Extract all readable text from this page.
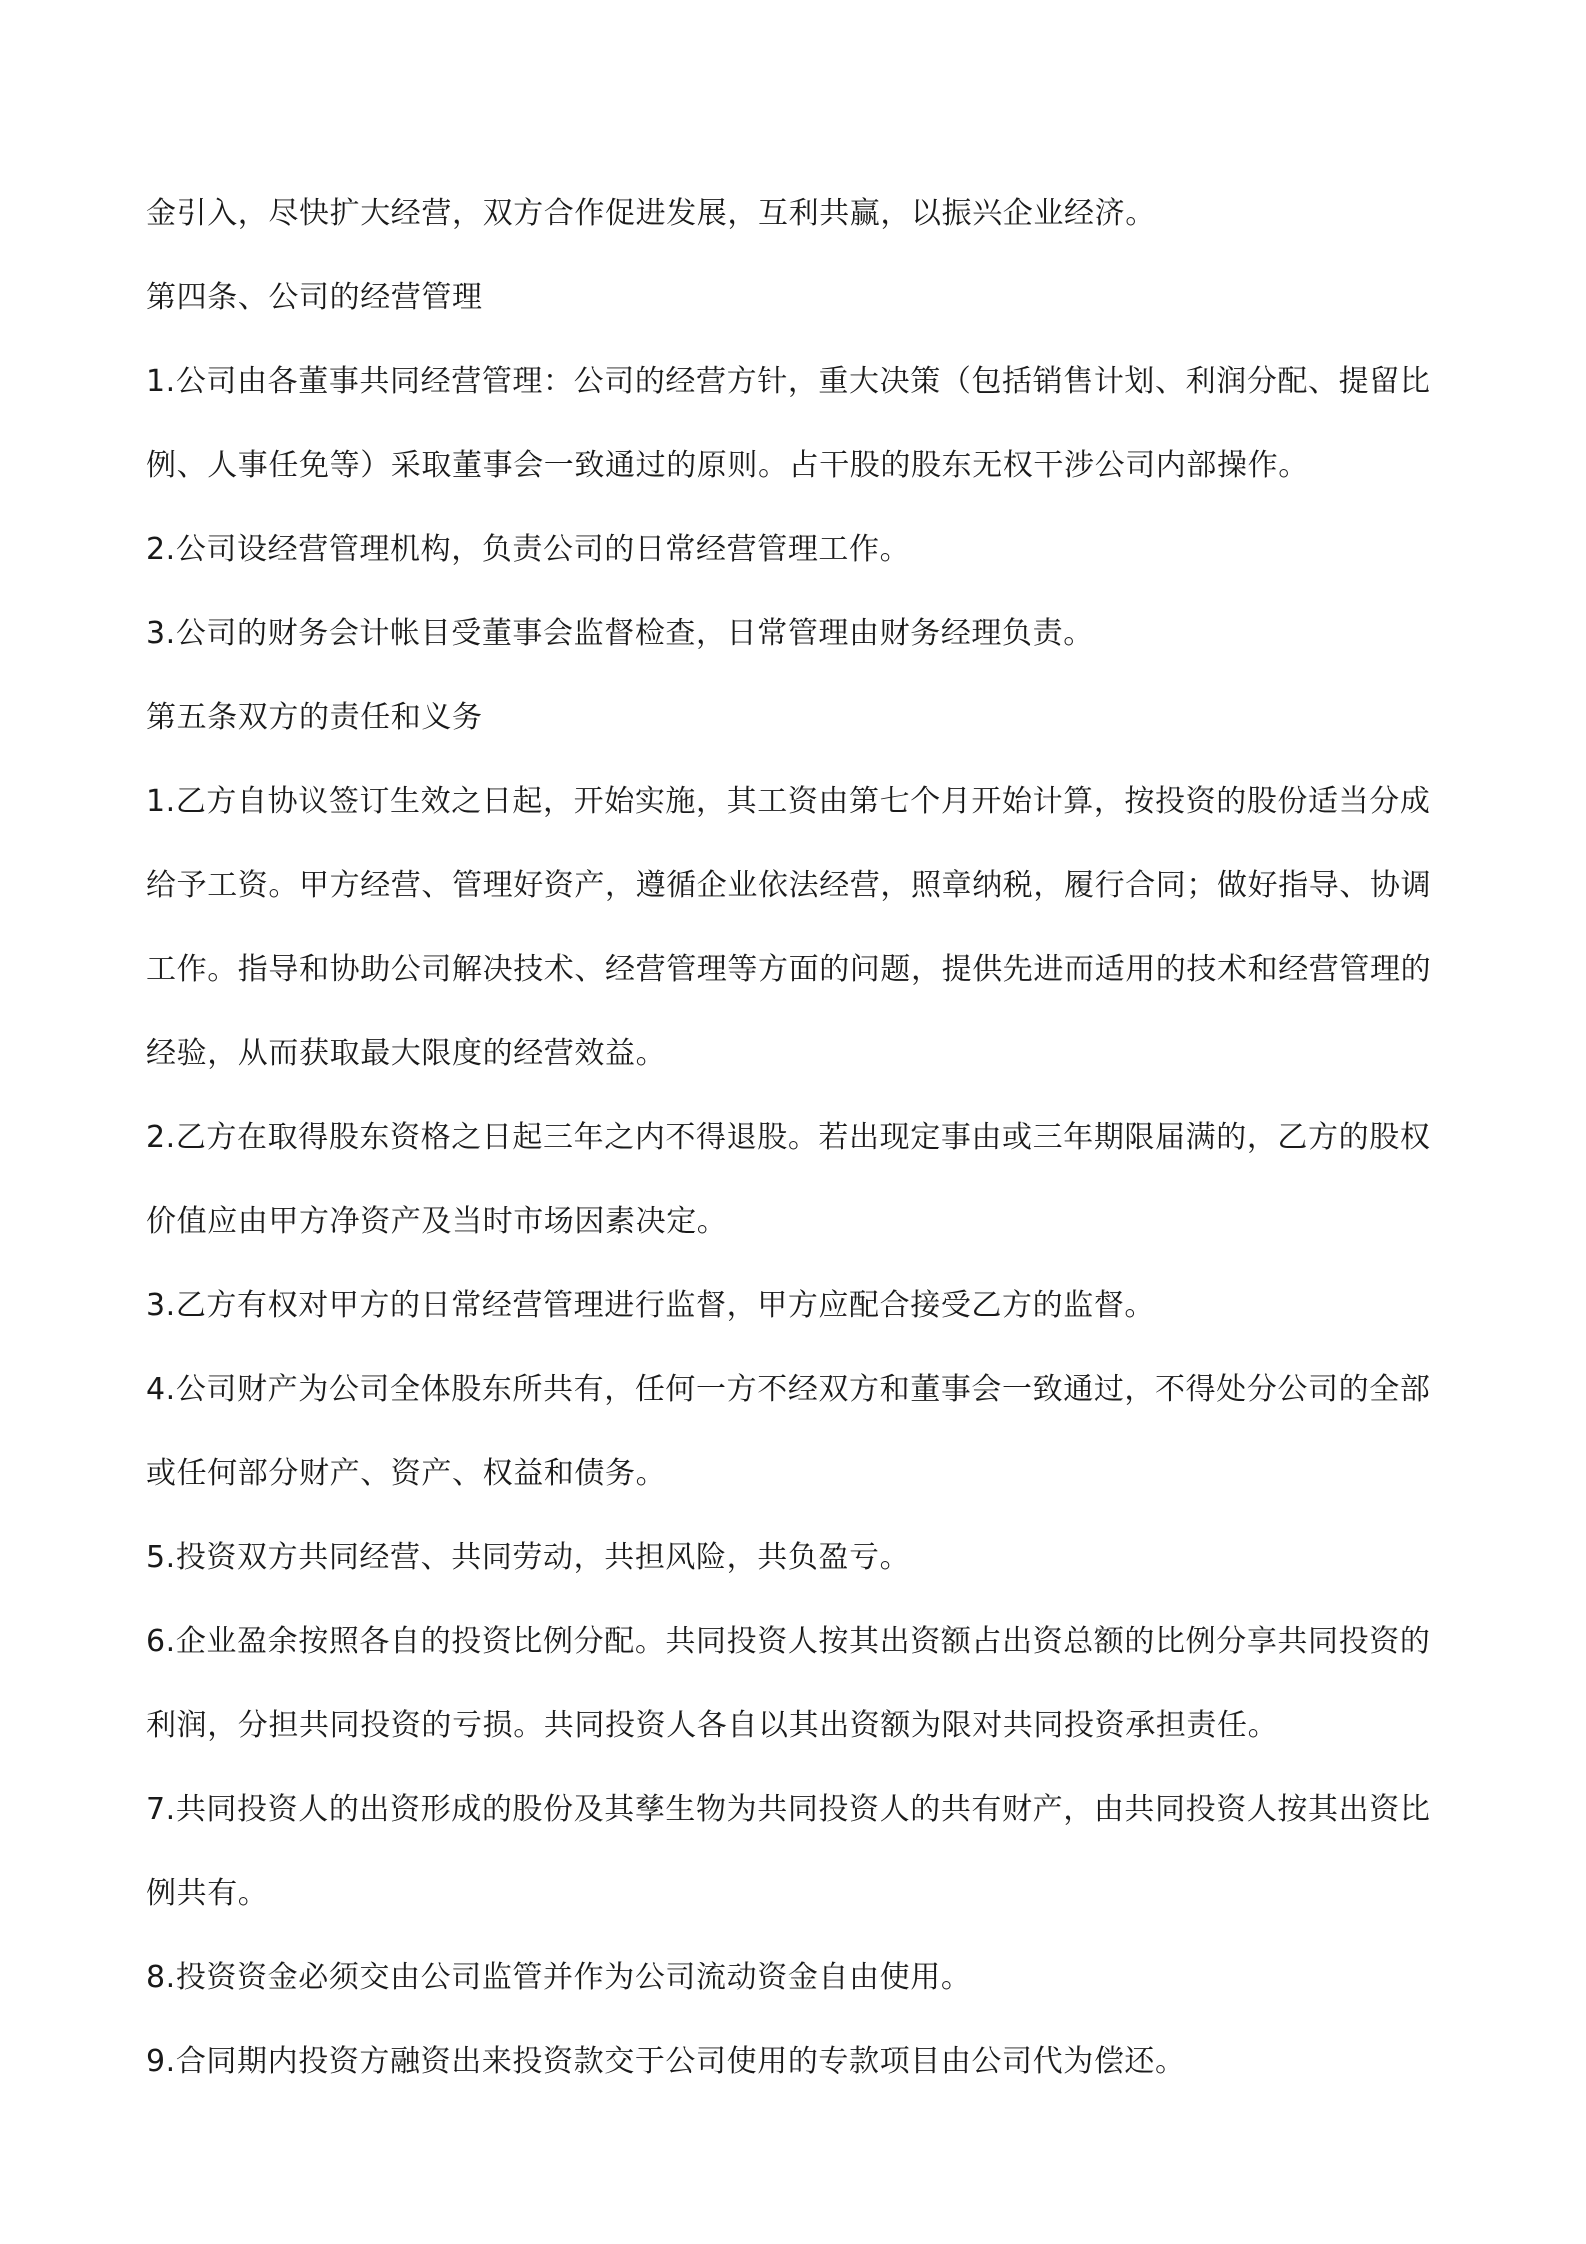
金引入，尽快扩大经营，双方合作促进发展，互利共赢，以振兴企业经济。

第四条、公司的经营管理

1.公司由各董事共同经营管理：公司的经营方针，重大决策（包括销售计划、利润分配、提留比例、人事任免等）采取董事会一致通过的原则。占干股的股东无权干涉公司内部操作。

2.公司设经营管理机构，负责公司的日常经营管理工作。

3.公司的财务会计帐目受董事会监督检查，日常管理由财务经理负责。

第五条双方的责任和义务

1.乙方自协议签订生效之日起，开始实施，其工资由第七个月开始计算，按投资的股份适当分成给予工资。甲方经营、管理好资产，遵循企业依法经营，照章纳税，履行合同；做好指导、协调工作。指导和协助公司解决技术、经营管理等方面的问题，提供先进而适用的技术和经营管理的经验，从而获取最大限度的经营效益。

2.乙方在取得股东资格之日起三年之内不得退股。若出现定事由或三年期限届满的，乙方的股权价值应由甲方净资产及当时市场因素决定。

3.乙方有权对甲方的日常经营管理进行监督，甲方应配合接受乙方的监督。

4.公司财产为公司全体股东所共有，任何一方不经双方和董事会一致通过，不得处分公司的全部或任何部分财产、资产、权益和债务。

5.投资双方共同经营、共同劳动，共担风险，共负盈亏。

6.企业盈余按照各自的投资比例分配。共同投资人按其出资额占出资总额的比例分享共同投资的利润，分担共同投资的亏损。共同投资人各自以其出资额为限对共同投资承担责任。

7.共同投资人的出资形成的股份及其孳生物为共同投资人的共有财产，由共同投资人按其出资比例共有。

8.投资资金必须交由公司监管并作为公司流动资金自由使用。

9.合同期内投资方融资出来投资款交于公司使用的专款项目由公司代为偿还。
